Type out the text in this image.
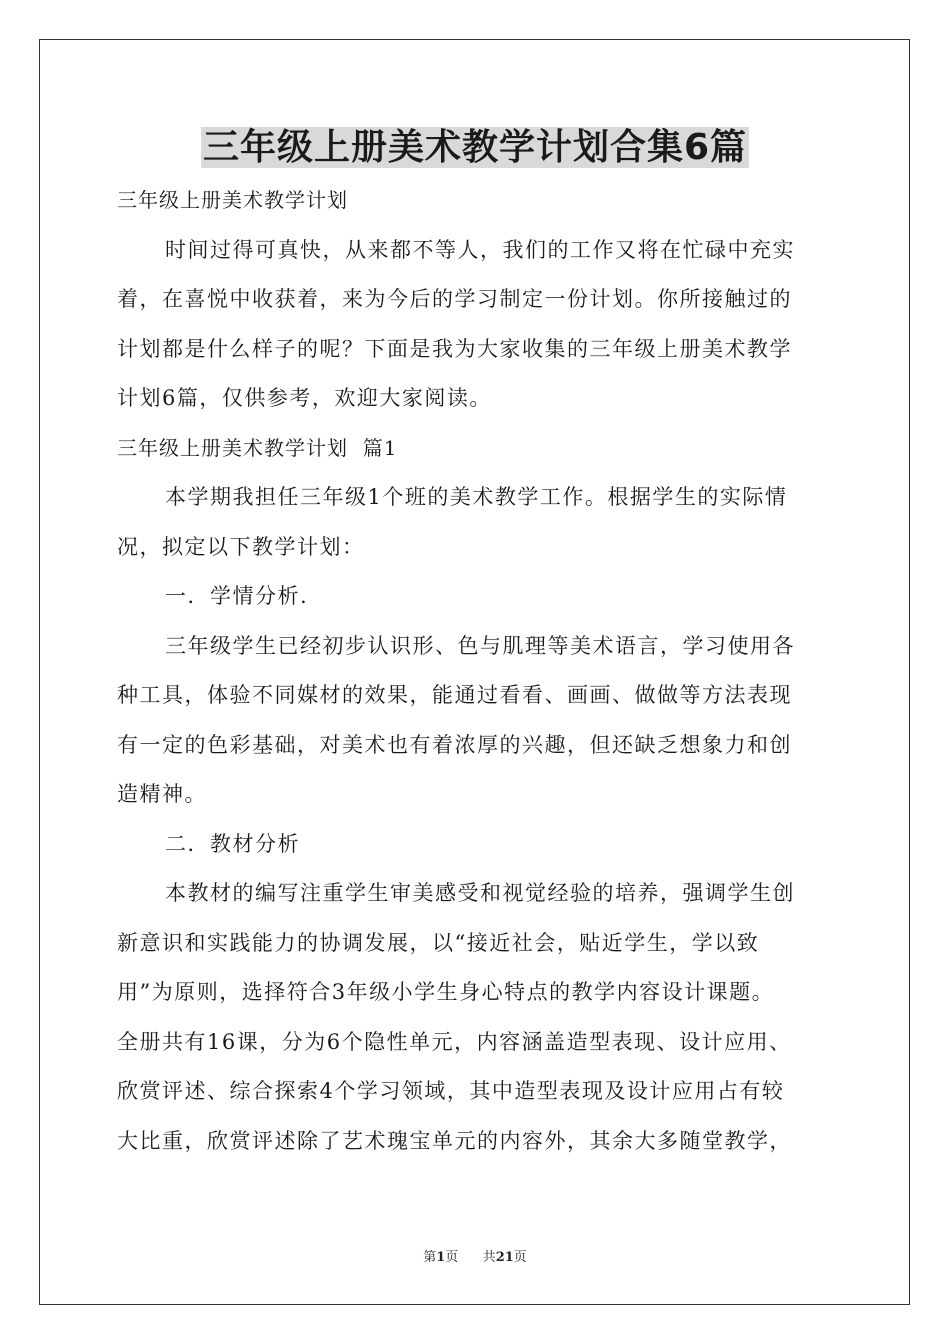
三年级上册美术教学计划合集6篇
三年级上册美术教学计划
时间过得可真快，从来都不等人，我们的工作又将在忙碌中充实
着，在喜悦中收获着，来为今后的学习制定一份计划。你所接触过的
计划都是什么样子的呢？下面是我为大家收集的三年级上册美术教学
计划6篇，仅供参考，欢迎大家阅读。
三年级上册美术教学计划  篇1
本学期我担任三年级1个班的美术教学工作。根据学生的实际情
况，拟定以下教学计划：
一．学情分析.
三年级学生已经初步认识形、色与肌理等美术语言，学习使用各
种工具，体验不同媒材的效果，能通过看看、画画、做做等方法表现
有一定的色彩基础，对美术也有着浓厚的兴趣，但还缺乏想象力和创
造精神。
二．教材分析
本教材的编写注重学生审美感受和视觉经验的培养，强调学生创
新意识和实践能力的协调发展，以“接近社会，贴近学生，学以致
用”为原则，选择符合3年级小学生身心特点的教学内容设计课题。
全册共有16课，分为6个隐性单元，内容涵盖造型表现、设计应用、
欣赏评述、综合探索4个学习领域，其中造型表现及设计应用占有较
大比重，欣赏评述除了艺术瑰宝单元的内容外，其余大多随堂教学，
第1页 共21页
